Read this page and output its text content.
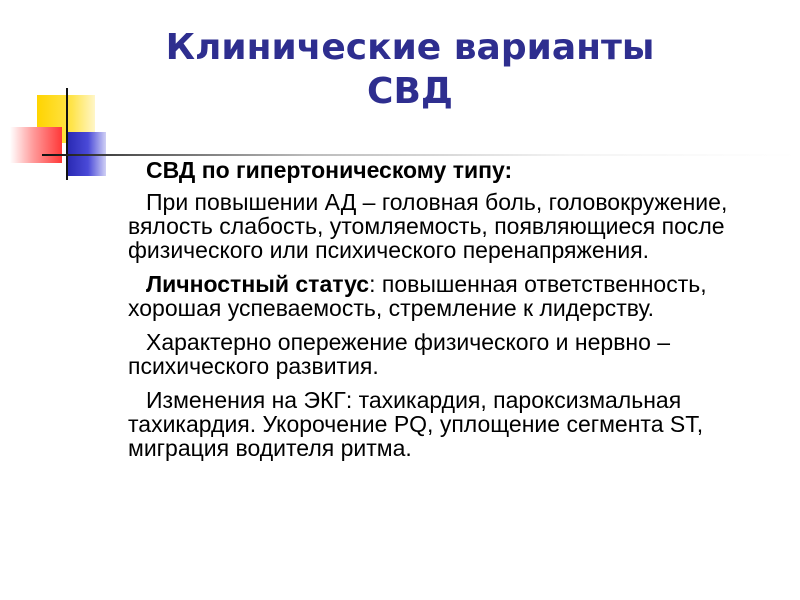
Клинические варианты
СВД

СВД по гипертоническому типу:

При повышении АД – головная боль, головокружение, вялость слабость, утомляемость, появляющиеся после физического или психического перенапряжения.

Личностный статус: повышенная ответственность, хорошая успеваемость, стремление к лидерству.

Характерно опережение физического и нервно – психического развития.

Изменения на ЭКГ: тахикардия, пароксизмальная тахикардия. Укорочение PQ, уплощение сегмента ST, миграция водителя ритма.
